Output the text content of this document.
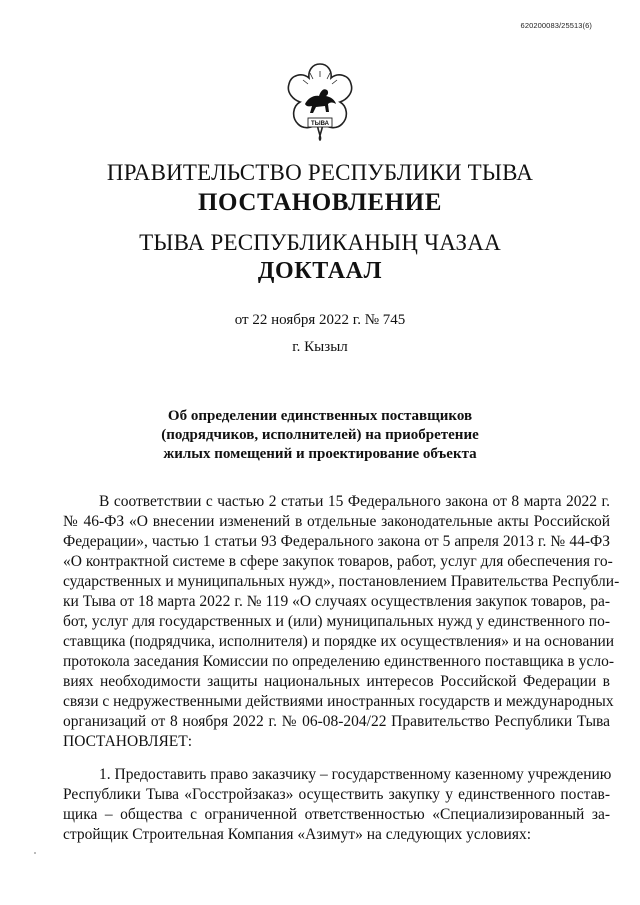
620200083/25513(6)
ТЫВА
ПРАВИТЕЛЬСТВО РЕСПУБЛИКИ ТЫВА
ПОСТАНОВЛЕНИЕ
ТЫВА РЕСПУБЛИКАНЫҢ ЧАЗАА
ДОКТААЛ
от 22 ноября 2022 г. № 745
г. Кызыл
Об определении единственных поставщиков
(подрядчиков, исполнителей) на приобретение
жилых помещений и проектирование объекта
В соответствии с частью 2 статьи 15 Федерального закона от 8 марта 2022 г.
№ 46-ФЗ «О внесении изменений в отдельные законодательные акты Российской
Федерации», частью 1 статьи 93 Федерального закона от 5 апреля 2013 г. № 44-ФЗ
«О контрактной системе в сфере закупок товаров, работ, услуг для обеспечения го-
сударственных и муниципальных нужд», постановлением Правительства Республи-
ки Тыва от 18 марта 2022 г. № 119 «О случаях осуществления закупок товаров, ра-
бот, услуг для государственных и (или) муниципальных нужд у единственного по-
ставщика (подрядчика, исполнителя) и порядке их осуществления» и на основании
протокола заседания Комиссии по определению единственного поставщика в усло-
виях необходимости защиты национальных интересов Российской Федерации в
связи с недружественными действиями иностранных государств и международных
организаций от 8 ноября 2022 г. № 06-08-204/22 Правительство Республики Тыва
ПОСТАНОВЛЯЕТ:
1. Предоставить право заказчику – государственному казенному учреждению
Республики Тыва «Госстройзаказ» осуществить закупку у единственного постав-
щика – общества с ограниченной ответственностью «Специализированный за-
стройщик Строительная Компания «Азимут» на следующих условиях:
